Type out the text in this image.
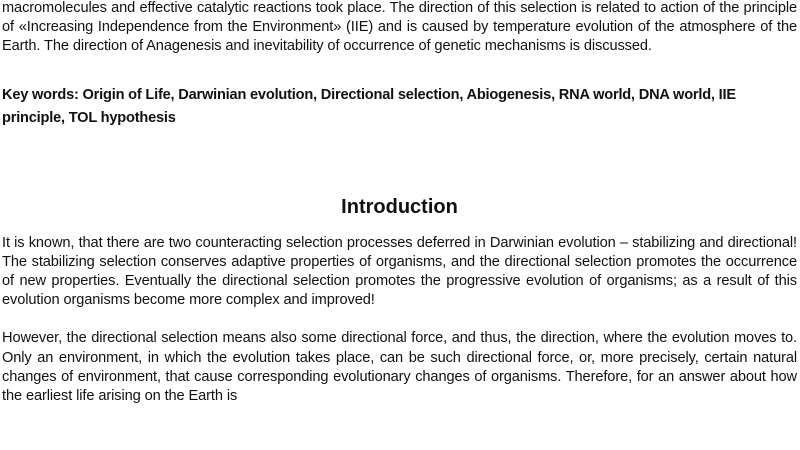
macromolecules and effective catalytic reactions took place. The direction of this selection is related to action of the principle of «Increasing Independence from the Environment» (IIE) and is caused by temperature evolution of the atmosphere of the Earth. The direction of Anagenesis and inevitability of occurrence of genetic mechanisms is discussed.

Key words: Origin of Life, Darwinian evolution, Directional selection, Abiogenesis, RNA world, DNA world, IIE principle, TOL hypothesis

Introduction

It is known, that there are two counteracting selection processes deferred in Darwinian evolution – stabilizing and directional! The stabilizing selection conserves adaptive properties of organisms, and the directional selection promotes the occurrence of new properties. Eventually the directional selection promotes the progressive evolution of organisms; as a result of this evolution organisms become more complex and improved!

However, the directional selection means also some directional force, and thus, the direction, where the evolution moves to. Only an environment, in which the evolution takes place, can be such directional force, or, more precisely, certain natural changes of environment, that cause corresponding evolutionary changes of organisms. Therefore, for an answer about how the earliest life arising on the Earth is
